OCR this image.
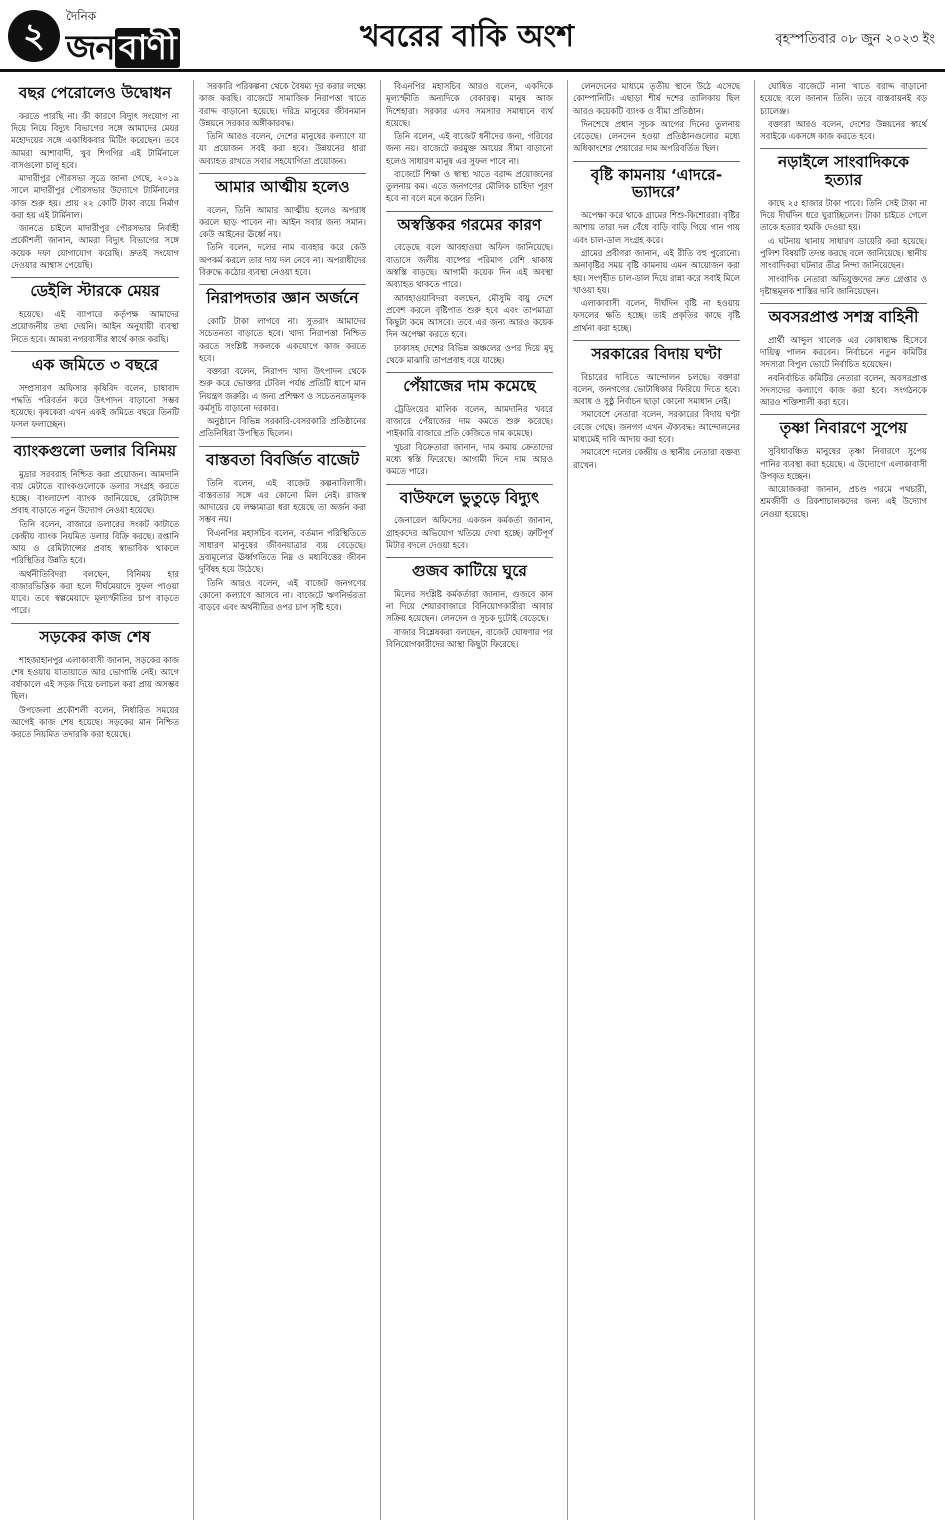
২	দৈনিক
জন বাণী	খবরের বাকি অংশ	বৃহস্পতিবার ০৮ জুন ২০২৩ ইং
বছর পেরোলেও উদ্বোধন

করতে পারছি না। কী কারণে বিদ্যুৎ সংযোগ না দিয়ে নিয়ে বিদ্যুৎ বিভাগের সঙ্গে আমাদের মেয়র মহোদয়ের সঙ্গে একাধিকবার মিটিং করেছেন। তবে আমরা আশাবাদী, খুব শিগগির এই টার্মিনালে বাসগুলো চালু হবে।

মাদারীপুর পৌরসভা সূত্রে জানা গেছে, ২০১৯ সালে মাদারীপুর পৌরসভার উদ্যোগে টার্মিনালের কাজ শুরু হয়। প্রায় ২২ কোটি টাকা ব্যয়ে নির্মাণ করা হয় এই টার্মিনাল।

জানতে চাইলে মাদারীপুর পৌরসভার নির্বাহী প্রকৌশলী জানান, আমরা বিদ্যুৎ বিভাগের সঙ্গে কয়েক দফা যোগাযোগ করেছি। দ্রুতই সংযোগ দেওয়ার আশ্বাস পেয়েছি।

ডেইলি স্টারকে মেয়র

হয়েছে। এই ব্যাপারে কর্তৃপক্ষ আমাদের প্রয়োজনীয় তথ্য দেয়নি। আইন অনুযায়ী ব্যবস্থা নিতে হবে। আমরা নগরবাসীর স্বার্থে কাজ করছি।

এক জমিতে ৩ বছরে

সম্প্রসারণ অফিসার কৃষিবিদ বলেন, চাষাবাদ পদ্ধতি পরিবর্তন করে উৎপাদন বাড়ানো সম্ভব হয়েছে। কৃষকেরা এখন একই জমিতে বছরে তিনটি ফসল ফলাচ্ছেন।

ব্যাংকগুলো ডলার বিনিময়

মুদ্রার সরবরাহ নিশ্চিত করা প্রয়োজন। আমদানি ব্যয় মেটাতে ব্যাংকগুলোকে ডলার সংগ্রহ করতে হচ্ছে। বাংলাদেশ ব্যাংক জানিয়েছে, রেমিট্যান্স প্রবাহ বাড়াতে নতুন উদ্যোগ নেওয়া হয়েছে।

তিনি বলেন, বাজারে ডলারের সংকট কাটাতে কেন্দ্রীয় ব্যাংক নিয়মিত ডলার বিক্রি করছে। রপ্তানি আয় ও রেমিট্যান্সের প্রবাহ স্বাভাবিক থাকলে পরিস্থিতির উন্নতি হবে।

অর্থনীতিবিদরা বলছেন, বিনিময় হার বাজারভিত্তিক করা হলে দীর্ঘমেয়াদে সুফল পাওয়া যাবে। তবে স্বল্পমেয়াদে মূল্যস্ফীতির চাপ বাড়তে পারে।

সড়কের কাজ শেষ

শাহজাহানপুর এলাকাবাসী জানান, সড়কের কাজ শেষ হওয়ায় যাতায়াতে আর ভোগান্তি নেই। আগে বর্ষাকালে এই সড়ক দিয়ে চলাচল করা প্রায় অসম্ভব ছিল।

উপজেলা প্রকৌশলী বলেন, নির্ধারিত সময়ের আগেই কাজ শেষ হয়েছে। সড়কের মান নিশ্চিত করতে নিয়মিত তদারকি করা হয়েছে।

সরকারি পরিকল্পনা থেকে বৈষম্য দূর করার লক্ষ্যে কাজ করছি। বাজেটে সামাজিক নিরাপত্তা খাতে বরাদ্দ বাড়ানো হয়েছে। দরিদ্র মানুষের জীবনমান উন্নয়নে সরকার অঙ্গীকারবদ্ধ।

তিনি আরও বলেন, দেশের মানুষের কল্যাণে যা যা প্রয়োজন সবই করা হবে। উন্নয়নের ধারা অব্যাহত রাখতে সবার সহযোগিতা প্রয়োজন।

আমার আত্মীয় হলেও

বলেন, তিনি আমার আত্মীয় হলেও অপরাধ করলে ছাড় পাবেন না। আইন সবার জন্য সমান। কেউ আইনের ঊর্ধ্বে নয়।

তিনি বলেন, দলের নাম ব্যবহার করে কেউ অপকর্ম করলে তার দায় দল নেবে না। অপরাধীদের বিরুদ্ধে কঠোর ব্যবস্থা নেওয়া হবে।

নিরাপদতার জ্ঞান অর্জনে

কোটি টাকা লাগবে না। সুতরাং আমাদের সচেতনতা বাড়াতে হবে। খাদ্য নিরাপত্তা নিশ্চিত করতে সংশ্লিষ্ট সকলকে একযোগে কাজ করতে হবে।

বক্তারা বলেন, নিরাপদ খাদ্য উৎপাদন থেকে শুরু করে ভোক্তার টেবিল পর্যন্ত প্রতিটি ধাপে মান নিয়ন্ত্রণ জরুরি। এ জন্য প্রশিক্ষণ ও সচেতনতামূলক কর্মসূচি বাড়ানো দরকার।

অনুষ্ঠানে বিভিন্ন সরকারি-বেসরকারি প্রতিষ্ঠানের প্রতিনিধিরা উপস্থিত ছিলেন।

বাস্তবতা বিবর্জিত বাজেট

তিনি বলেন, এই বাজেট কল্পনাবিলাসী। বাস্তবতার সঙ্গে এর কোনো মিল নেই। রাজস্ব আদায়ের যে লক্ষ্যমাত্রা ধরা হয়েছে তা অর্জন করা সম্ভব নয়।

বিএনপির মহাসচিব বলেন, বর্তমান পরিস্থিতিতে সাধারণ মানুষের জীবনযাত্রার ব্যয় বেড়েছে। দ্রব্যমূল্যের ঊর্ধ্বগতিতে নিম্ন ও মধ্যবিত্তের জীবন দুর্বিষহ হয়ে উঠেছে।

তিনি আরও বলেন, এই বাজেট জনগণের কোনো কল্যাণে আসবে না। বাজেটে ঋণনির্ভরতা বাড়বে এবং অর্থনীতির ওপর চাপ সৃষ্টি হবে।

বিএনপির মহাসচিব আরও বলেন, একদিকে মূল্যস্ফীতি অন্যদিকে বেকারত্ব। মানুষ আজ দিশেহারা। সরকার এসব সমস্যার সমাধানে ব্যর্থ হয়েছে।

তিনি বলেন, এই বাজেট ধনীদের জন্য, গরিবের জন্য নয়। বাজেটে করমুক্ত আয়ের সীমা বাড়ানো হলেও সাধারণ মানুষ এর সুফল পাবে না।

বাজেটে শিক্ষা ও স্বাস্থ্য খাতে বরাদ্দ প্রয়োজনের তুলনায় কম। এতে জনগণের মৌলিক চাহিদা পূরণ হবে না বলে মনে করেন তিনি।

অস্বস্তিকর গরমের কারণ

বেড়েছে বলে আবহাওয়া অফিস জানিয়েছে। বাতাসে জলীয় বাষ্পের পরিমাণ বেশি থাকায় অস্বস্তি বাড়ছে। আগামী কয়েক দিন এই অবস্থা অব্যাহত থাকতে পারে।

আবহাওয়াবিদরা বলছেন, মৌসুমি বায়ু দেশে প্রবেশ করলে বৃষ্টিপাত শুরু হবে এবং তাপমাত্রা কিছুটা কমে আসবে। তবে এর জন্য আরও কয়েক দিন অপেক্ষা করতে হবে।

ঢাকাসহ দেশের বিভিন্ন অঞ্চলের ওপর দিয়ে মৃদু থেকে মাঝারি তাপপ্রবাহ বয়ে যাচ্ছে।

পেঁয়াজের দাম কমেছে

ট্রেডিংয়ের মালিক বলেন, আমদানির খবরে বাজারে পেঁয়াজের দাম কমতে শুরু করেছে। পাইকারি বাজারে প্রতি কেজিতে দাম কমেছে।

খুচরা বিক্রেতারা জানান, দাম কমায় ক্রেতাদের মধ্যে স্বস্তি ফিরেছে। আগামী দিনে দাম আরও কমতে পারে।

বাউফলে ভুতুড়ে বিদ্যুৎ

জেনারেল অফিসের একজন কর্মকর্তা জানান, গ্রাহকদের অভিযোগ খতিয়ে দেখা হচ্ছে। ত্রুটিপূর্ণ মিটার বদলে দেওয়া হবে।

গুজব কাটিয়ে ঘুরে

মিলের সংশ্লিষ্ট কর্মকর্তারা জানান, গুজবে কান না দিয়ে শেয়ারবাজারে বিনিয়োগকারীরা আবার সক্রিয় হয়েছেন। লেনদেন ও সূচক দুটোই বেড়েছে।

বাজার বিশ্লেষকরা বলছেন, বাজেট ঘোষণার পর বিনিয়োগকারীদের আস্থা কিছুটা ফিরেছে।

লেনদেনের মাধ্যমে তৃতীয় স্থানে উঠে এসেছে কোম্পানিটি। এছাড়া শীর্ষ দশের তালিকায় ছিল আরও কয়েকটি ব্যাংক ও বীমা প্রতিষ্ঠান।

দিনশেষে প্রধান সূচক আগের দিনের তুলনায় বেড়েছে। লেনদেন হওয়া প্রতিষ্ঠানগুলোর মধ্যে অধিকাংশের শেয়ারের দাম অপরিবর্তিত ছিল।

বৃষ্টি কামনায় ‘এাদরে-ভ্যাদরে’

অপেক্ষা করে থাকে গ্রামের শিশু-কিশোররা। বৃষ্টির আশায় তারা দল বেঁধে বাড়ি বাড়ি গিয়ে গান গায় এবং চাল-ডাল সংগ্রহ করে।

গ্রামের প্রবীণরা জানান, এই রীতি বহু পুরোনো। অনাবৃষ্টির সময় বৃষ্টি কামনায় এমন আয়োজন করা হয়। সংগৃহীত চাল-ডাল দিয়ে রান্না করে সবাই মিলে খাওয়া হয়।

এলাকাবাসী বলেন, দীর্ঘদিন বৃষ্টি না হওয়ায় ফসলের ক্ষতি হচ্ছে। তাই প্রকৃতির কাছে বৃষ্টি প্রার্থনা করা হচ্ছে।

সরকারের বিদায় ঘণ্টা

বিচারের দাবিতে আন্দোলন চলছে। বক্তারা বলেন, জনগণের ভোটাধিকার ফিরিয়ে দিতে হবে। অবাধ ও সুষ্ঠু নির্বাচন ছাড়া কোনো সমাধান নেই।

সমাবেশে নেতারা বলেন, সরকারের বিদায় ঘণ্টা বেজে গেছে। জনগণ এখন ঐক্যবদ্ধ। আন্দোলনের মাধ্যমেই দাবি আদায় করা হবে।

সমাবেশে দলের কেন্দ্রীয় ও স্থানীয় নেতারা বক্তব্য রাখেন।

ঘোষিত বাজেটে নানা খাতে বরাদ্দ বাড়ানো হয়েছে বলে জানান তিনি। তবে বাস্তবায়নই বড় চ্যালেঞ্জ।

বক্তারা আরও বলেন, দেশের উন্নয়নের স্বার্থে সবাইকে একসঙ্গে কাজ করতে হবে।

নড়াইলে সাংবাদিককে হত্যার

কাছে ২৫ হাজার টাকা পাবে। তিনি সেই টাকা না দিয়ে দীর্ঘদিন ধরে ঘুরাচ্ছিলেন। টাকা চাইতে গেলে তাকে হত্যার হুমকি দেওয়া হয়।

এ ঘটনায় থানায় সাধারণ ডায়েরি করা হয়েছে। পুলিশ বিষয়টি তদন্ত করছে বলে জানিয়েছে। স্থানীয় সাংবাদিকরা ঘটনার তীব্র নিন্দা জানিয়েছেন।

সাংবাদিক নেতারা অভিযুক্তদের দ্রুত গ্রেপ্তার ও দৃষ্টান্তমূলক শাস্তির দাবি জানিয়েছেন।

অবসরপ্রাপ্ত সশস্ত্র বাহিনী

প্রার্থী আব্দুল খালেক এর কোষাধ্যক্ষ হিসেবে দায়িত্ব পালন করবেন। নির্বাচনে নতুন কমিটির সদস্যরা বিপুল ভোটে নির্বাচিত হয়েছেন।

নবনির্বাচিত কমিটির নেতারা বলেন, অবসরপ্রাপ্ত সদস্যদের কল্যাণে কাজ করা হবে। সংগঠনকে আরও শক্তিশালী করা হবে।

তৃষ্ণা নিবারণে সুপেয়

সুবিধাবঞ্চিত মানুষের তৃষ্ণা নিবারণে সুপেয় পানির ব্যবস্থা করা হয়েছে। এ উদ্যোগে এলাকাবাসী উপকৃত হচ্ছেন।

আয়োজকরা জানান, প্রচণ্ড গরমে পথচারী, শ্রমজীবী ও রিকশাচালকদের জন্য এই উদ্যোগ নেওয়া হয়েছে।
